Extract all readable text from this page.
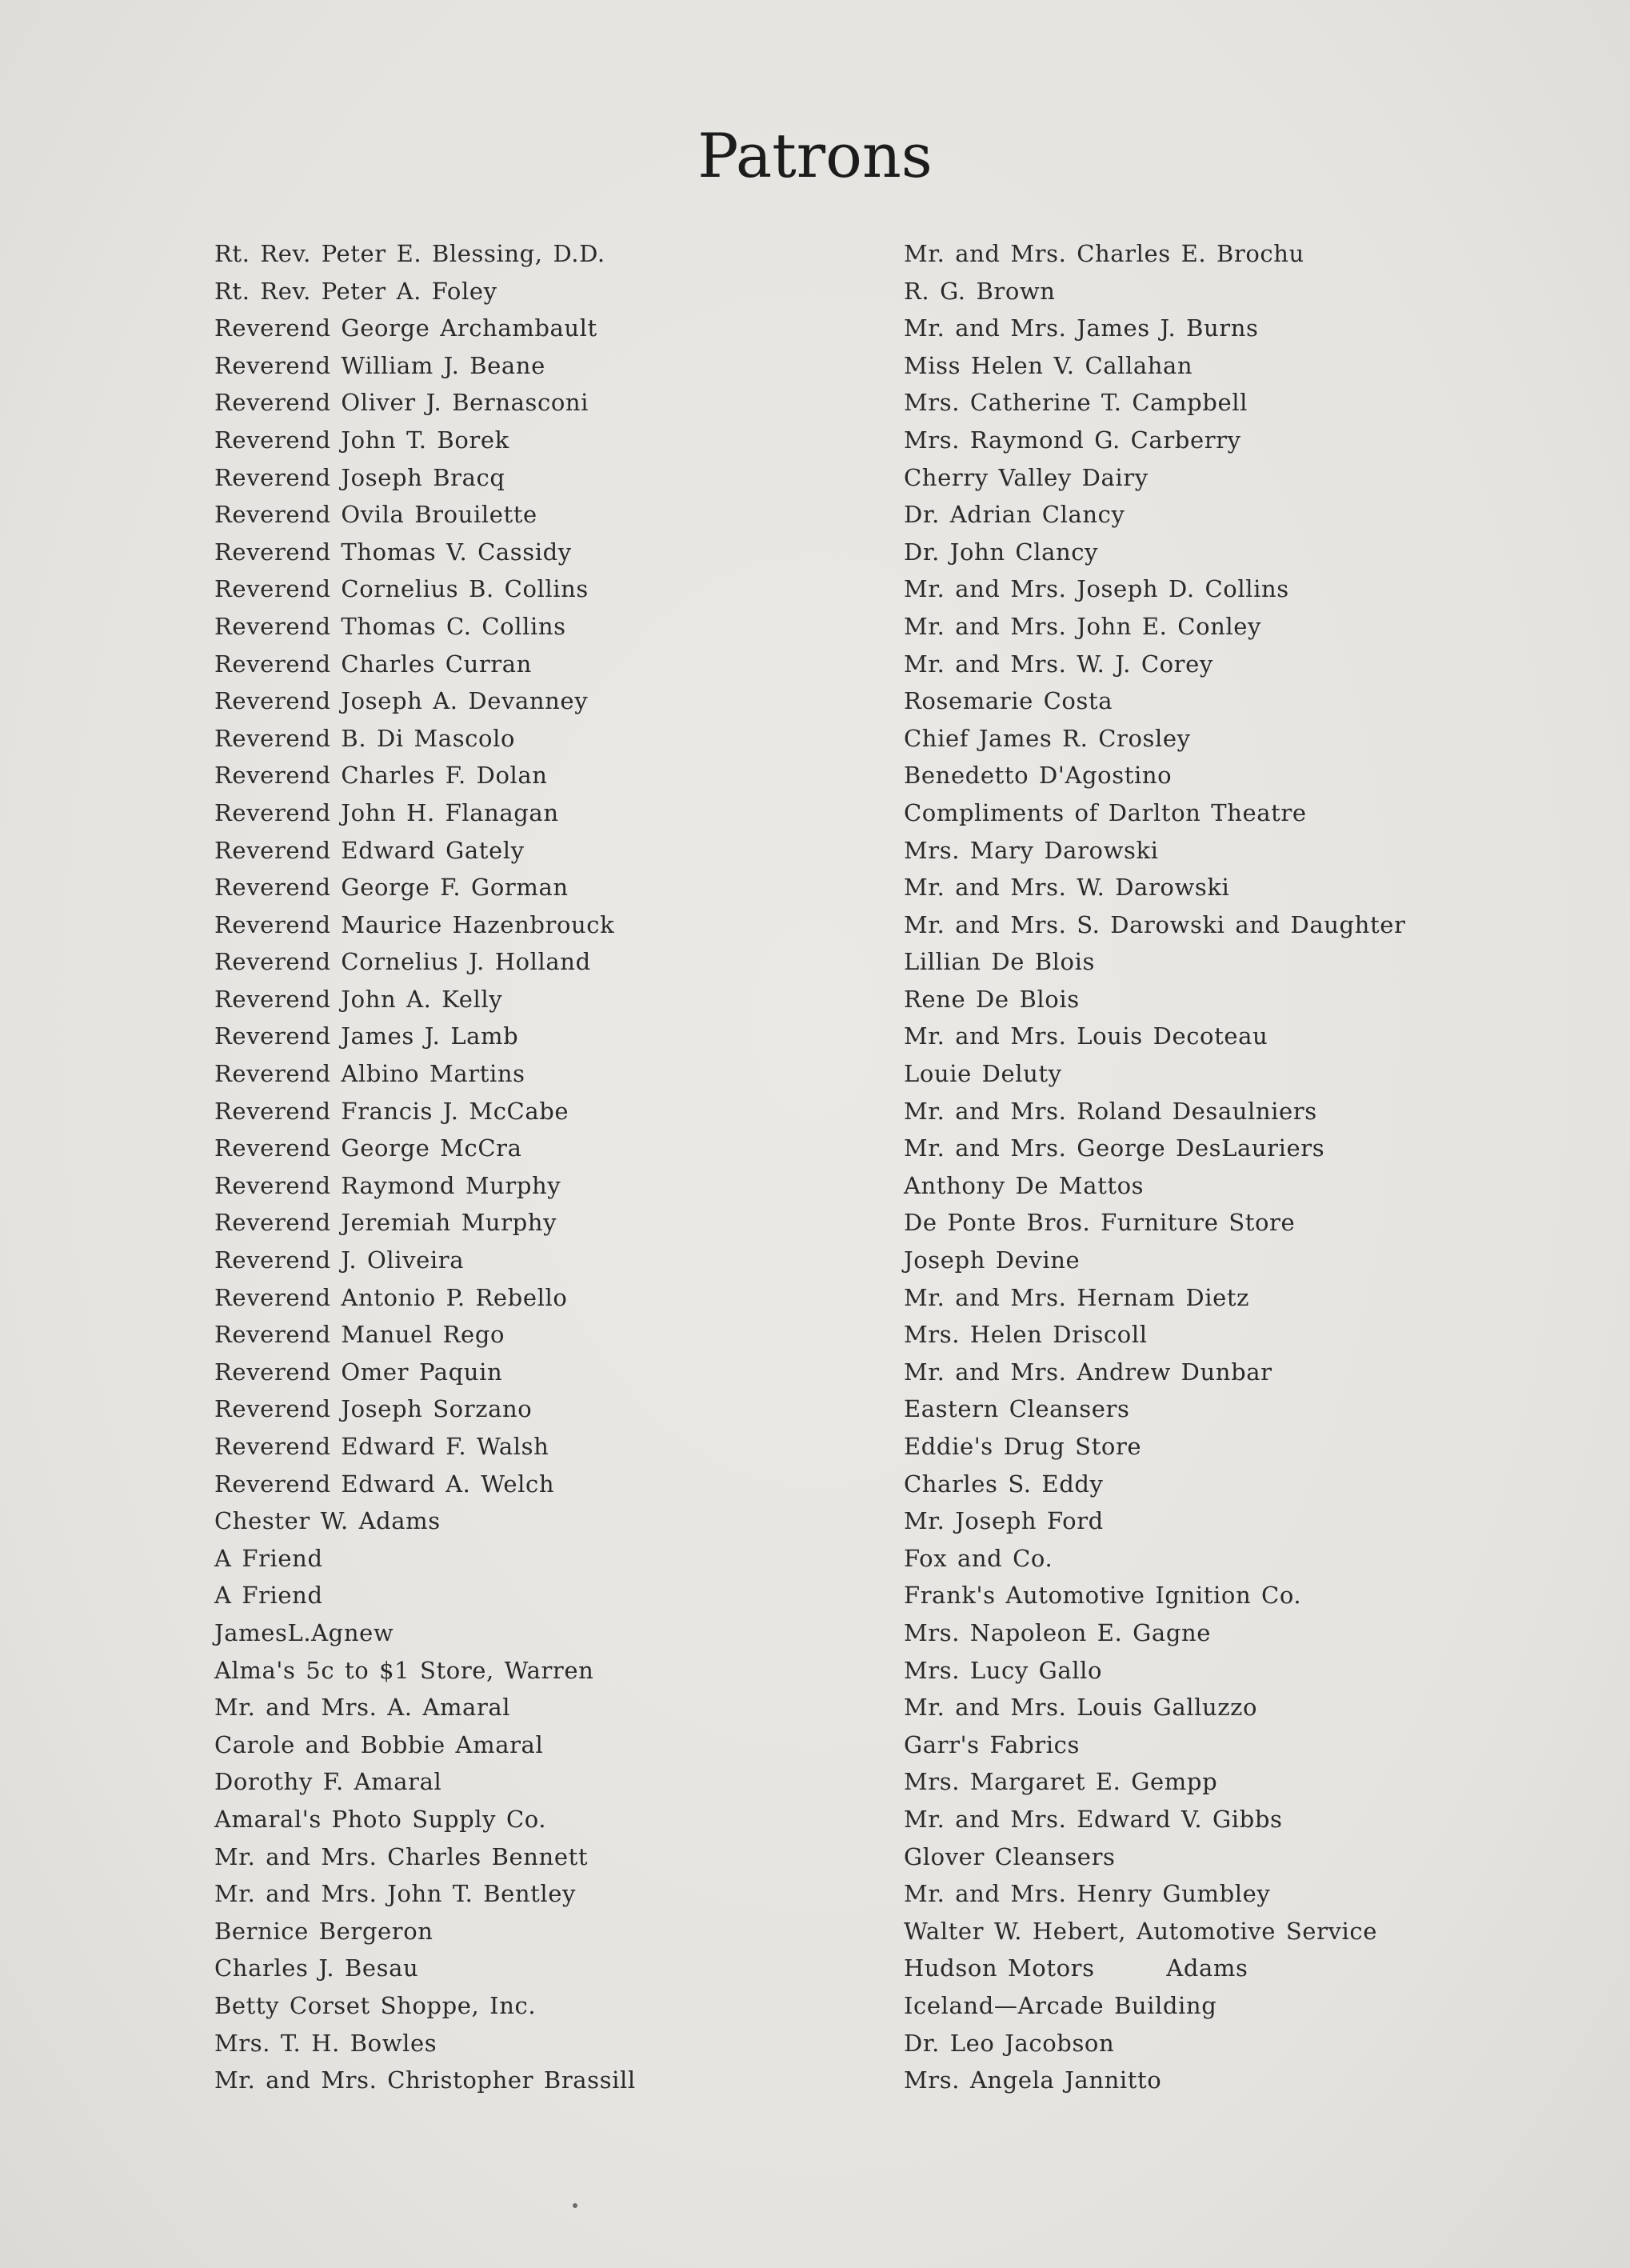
Patrons
Rt. Rev. Peter E. Blessing, D.D.
Rt. Rev. Peter A. Foley
Reverend George Archambault
Reverend William J. Beane
Reverend Oliver J. Bernasconi
Reverend John T. Borek
Reverend Joseph Bracq
Reverend Ovila Brouilette
Reverend Thomas V. Cassidy
Reverend Cornelius B. Collins
Reverend Thomas C. Collins
Reverend Charles Curran
Reverend Joseph A. Devanney
Reverend B. Di Mascolo
Reverend Charles F. Dolan
Reverend John H. Flanagan
Reverend Edward Gately
Reverend George F. Gorman
Reverend Maurice Hazenbrouck
Reverend Cornelius J. Holland
Reverend John A. Kelly
Reverend James J. Lamb
Reverend Albino Martins
Reverend Francis J. McCabe
Reverend George McCra
Reverend Raymond Murphy
Reverend Jeremiah Murphy
Reverend J. Oliveira
Reverend Antonio P. Rebello
Reverend Manuel Rego
Reverend Omer Paquin
Reverend Joseph Sorzano
Reverend Edward F. Walsh
Reverend Edward A. Welch
Chester W. Adams
A Friend
A Friend
JamesL.Agnew
Alma's 5c to $1 Store, Warren
Mr. and Mrs. A. Amaral
Carole and Bobbie Amaral
Dorothy F. Amaral
Amaral's Photo Supply Co.
Mr. and Mrs. Charles Bennett
Mr. and Mrs. John T. Bentley
Bernice Bergeron
Charles J. Besau
Betty Corset Shoppe, Inc.
Mrs. T. H. Bowles
Mr. and Mrs. Christopher Brassill
Mr. and Mrs. Charles E. Brochu
R. G. Brown
Mr. and Mrs. James J. Burns
Miss Helen V. Callahan
Mrs. Catherine T. Campbell
Mrs. Raymond G. Carberry
Cherry Valley Dairy
Dr. Adrian Clancy
Dr. John Clancy
Mr. and Mrs. Joseph D. Collins
Mr. and Mrs. John E. Conley
Mr. and Mrs. W. J. Corey
Rosemarie Costa
Chief James R. Crosley
Benedetto D'Agostino
Compliments of Darlton Theatre
Mrs. Mary Darowski
Mr. and Mrs. W. Darowski
Mr. and Mrs. S. Darowski and Daughter
Lillian De Blois
Rene De Blois
Mr. and Mrs. Louis Decoteau
Louie Deluty
Mr. and Mrs. Roland Desaulniers
Mr. and Mrs. George DesLauriers
Anthony De Mattos
De Ponte Bros. Furniture Store
Joseph Devine
Mr. and Mrs. Hernam Dietz
Mrs. Helen Driscoll
Mr. and Mrs. Andrew Dunbar
Eastern Cleansers
Eddie's Drug Store
Charles S. Eddy
Mr. Joseph Ford
Fox and Co.
Frank's Automotive Ignition Co.
Mrs. Napoleon E. Gagne
Mrs. Lucy Gallo
Mr. and Mrs. Louis Galluzzo
Garr's Fabrics
Mrs. Margaret E. Gempp
Mr. and Mrs. Edward V. Gibbs
Glover Cleansers
Mr. and Mrs. Henry Gumbley
Walter W. Hebert, Automotive Service
Hudson Motors       Adams
Iceland—Arcade Building
Dr. Leo Jacobson
Mrs. Angela Jannitto
